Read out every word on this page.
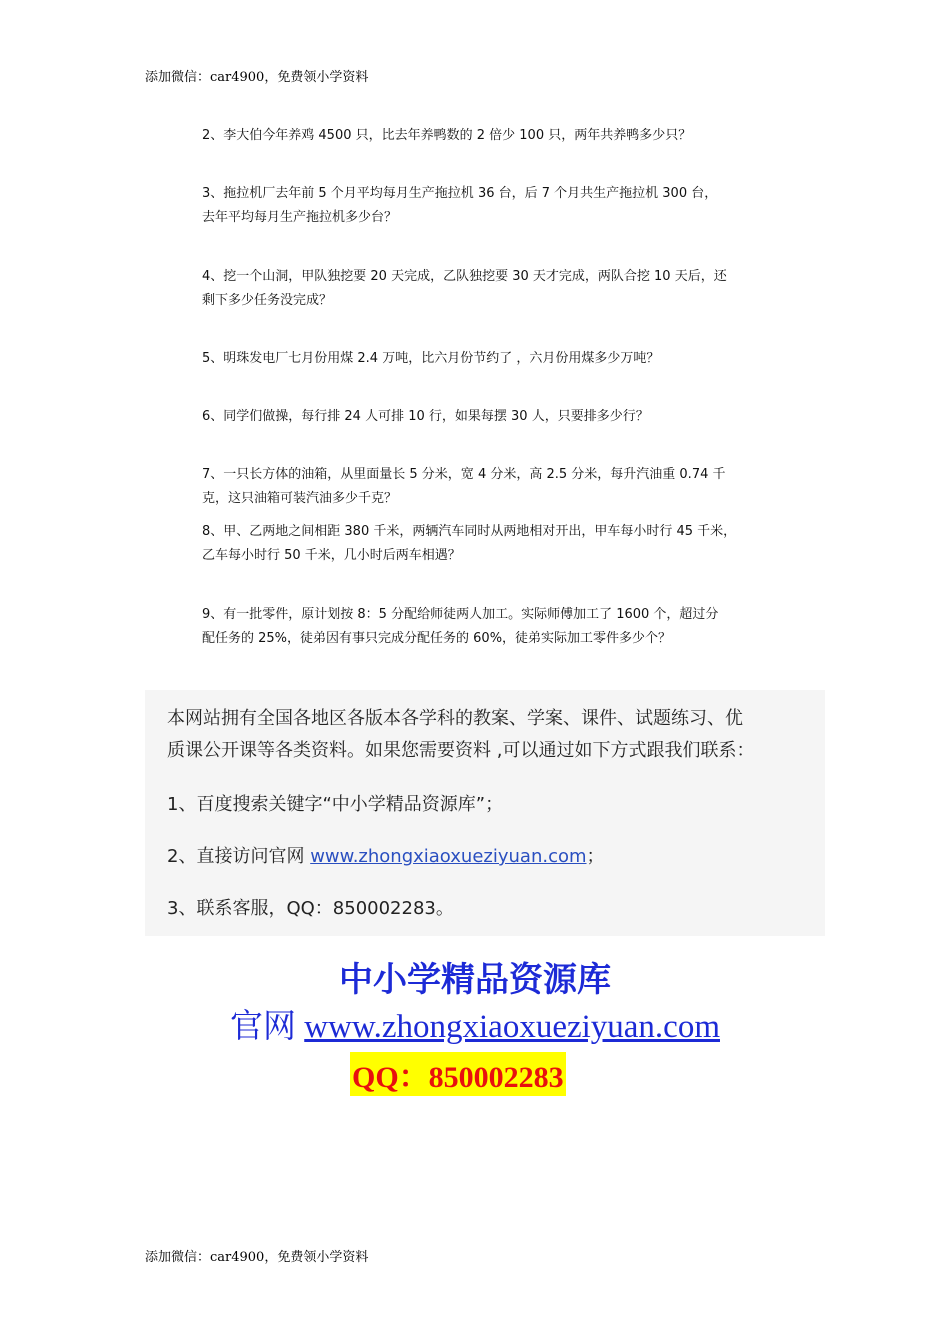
添加微信：car4900，免费领小学资料
2、李大伯今年养鸡 4500 只，比去年养鸭数的 2 倍少 100 只，两年共养鸭多少只？
3、拖拉机厂去年前 5 个月平均每月生产拖拉机 36 台，后 7 个月共生产拖拉机 300 台，
去年平均每月生产拖拉机多少台？
4、挖一个山洞，甲队独挖要 20 天完成，乙队独挖要 30 天才完成，两队合挖 10 天后，还
剩下多少任务没完成？
5、明珠发电厂七月份用煤 2.4 万吨，比六月份节约了 ，六月份用煤多少万吨？
6、同学们做操，每行排 24 人可排 10 行，如果每摆 30 人，只要排多少行？
7、一只长方体的油箱，从里面量长 5 分米，宽 4 分米，高 2.5 分米，每升汽油重 0.74 千
克，这只油箱可装汽油多少千克？
8、甲、乙两地之间相距 380 千米，两辆汽车同时从两地相对开出，甲车每小时行 45 千米，
乙车每小时行 50 千米，几小时后两车相遇？
9、有一批零件，原计划按 8：5 分配给师徒两人加工。实际师傅加工了 1600 个，超过分
配任务的 25%，徒弟因有事只完成分配任务的 60%，徒弟实际加工零件多少个？
本网站拥有全国各地区各版本各学科的教案、学案、课件、试题练习、优
质课公开课等各类资料。如果您需要资料 ,可以通过如下方式跟我们联系：
1、百度搜索关键字“中小学精品资源库”；
2、直接访问官网 www.zhongxiaoxueziyuan.com；
3、联系客服，QQ：850002283。
中小学精品资源库
官网 www.zhongxiaoxueziyuan.com
QQ：850002283
添加微信：car4900，免费领小学资料
